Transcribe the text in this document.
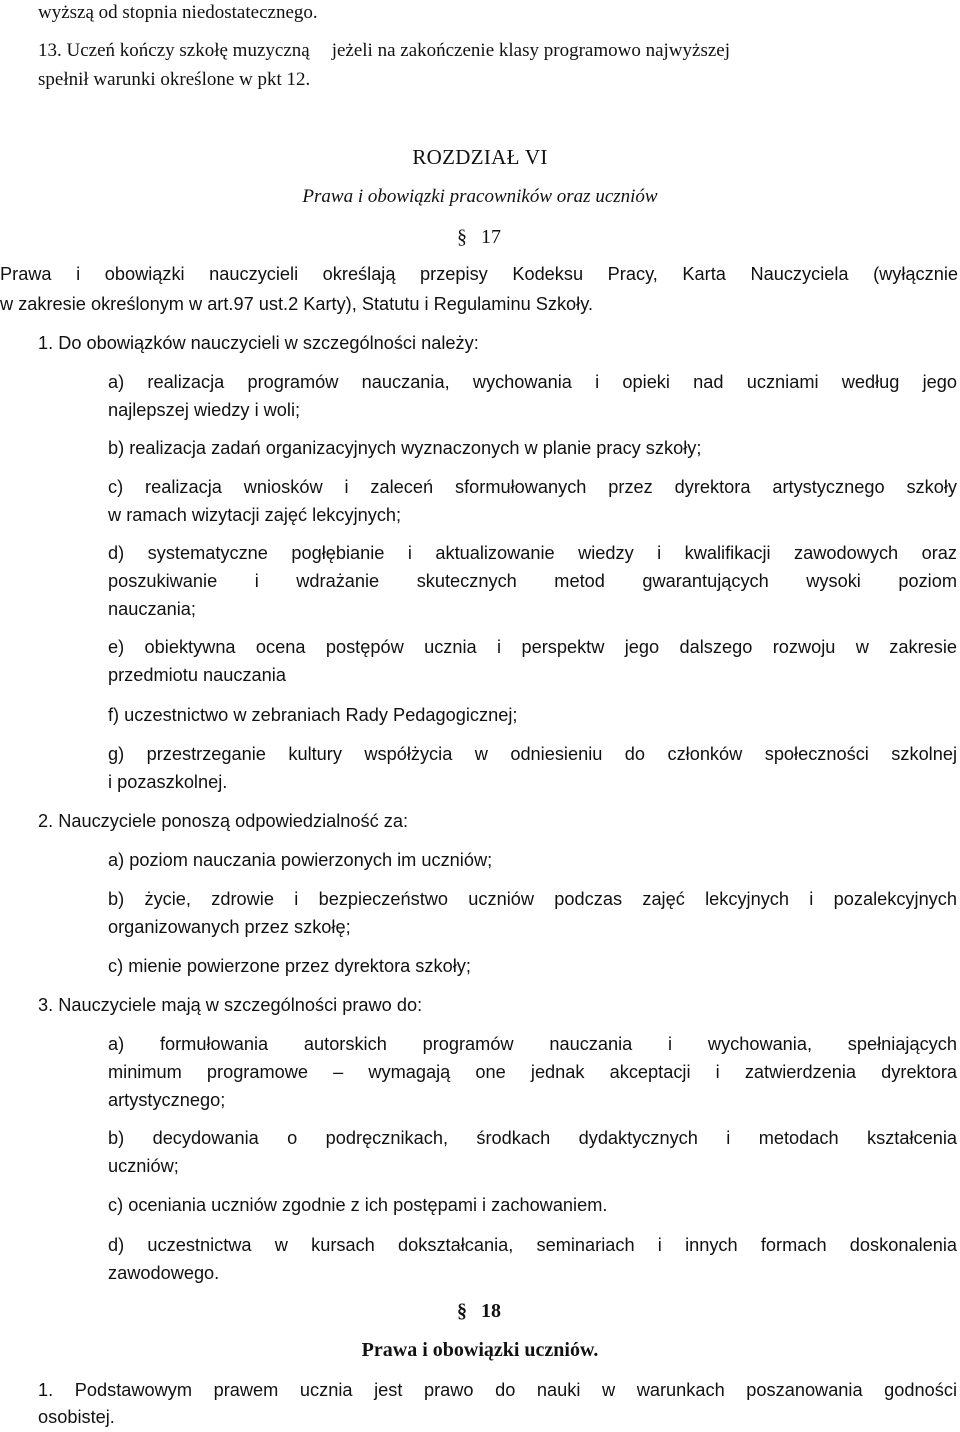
wyższą od stopnia niedostatecznego.
13. Uczeń kończy szkołę muzyczną jeżeli na zakończenie klasy programowo najwyższej
spełnił warunki określone w pkt 12.
ROZDZIAŁ VI
Prawa i obowiązki pracowników oraz uczniów
§ 17
Prawa i obowiązki nauczycieli określają przepisy Kodeksu Pracy, Karta Nauczyciela (wyłącznie
w zakresie określonym w art.97 ust.2 Karty), Statutu i Regulaminu Szkoły.
1. Do obowiązków nauczycieli w szczególności należy:
a) realizacja programów nauczania, wychowania i opieki nad uczniami według jego
najlepszej wiedzy i woli;
b) realizacja zadań organizacyjnych wyznaczonych w planie pracy szkoły;
c) realizacja wniosków i zaleceń sformułowanych przez dyrektora artystycznego szkoły
w ramach wizytacji zajęć lekcyjnych;
d) systematyczne pogłębianie i aktualizowanie wiedzy i kwalifikacji zawodowych oraz
poszukiwanie i wdrażanie skutecznych metod gwarantujących wysoki poziom
nauczania;
e) obiektywna ocena postępów ucznia i perspektw jego dalszego rozwoju w zakresie
przedmiotu nauczania
f) uczestnictwo w zebraniach Rady Pedagogicznej;
g) przestrzeganie kultury współżycia w odniesieniu do członków społeczności szkolnej
i pozaszkolnej.
2. Nauczyciele ponoszą odpowiedzialność za:
a) poziom nauczania powierzonych im uczniów;
b) życie, zdrowie i bezpieczeństwo uczniów podczas zajęć lekcyjnych i pozalekcyjnych
organizowanych przez szkołę;
c) mienie powierzone przez dyrektora szkoły;
3. Nauczyciele mają w szczególności prawo do:
a) formułowania autorskich programów nauczania i wychowania, spełniających
minimum programowe – wymagają one jednak akceptacji i zatwierdzenia dyrektora
artystycznego;
b) decydowania o podręcznikach, środkach dydaktycznych i metodach kształcenia
uczniów;
c) oceniania uczniów zgodnie z ich postępami i zachowaniem.
d) uczestnictwa w kursach dokształcania, seminariach i innych formach doskonalenia
zawodowego.
§ 18
Prawa i obowiązki uczniów.
1. Podstawowym prawem ucznia jest prawo do nauki w warunkach poszanowania godności
osobistej.
